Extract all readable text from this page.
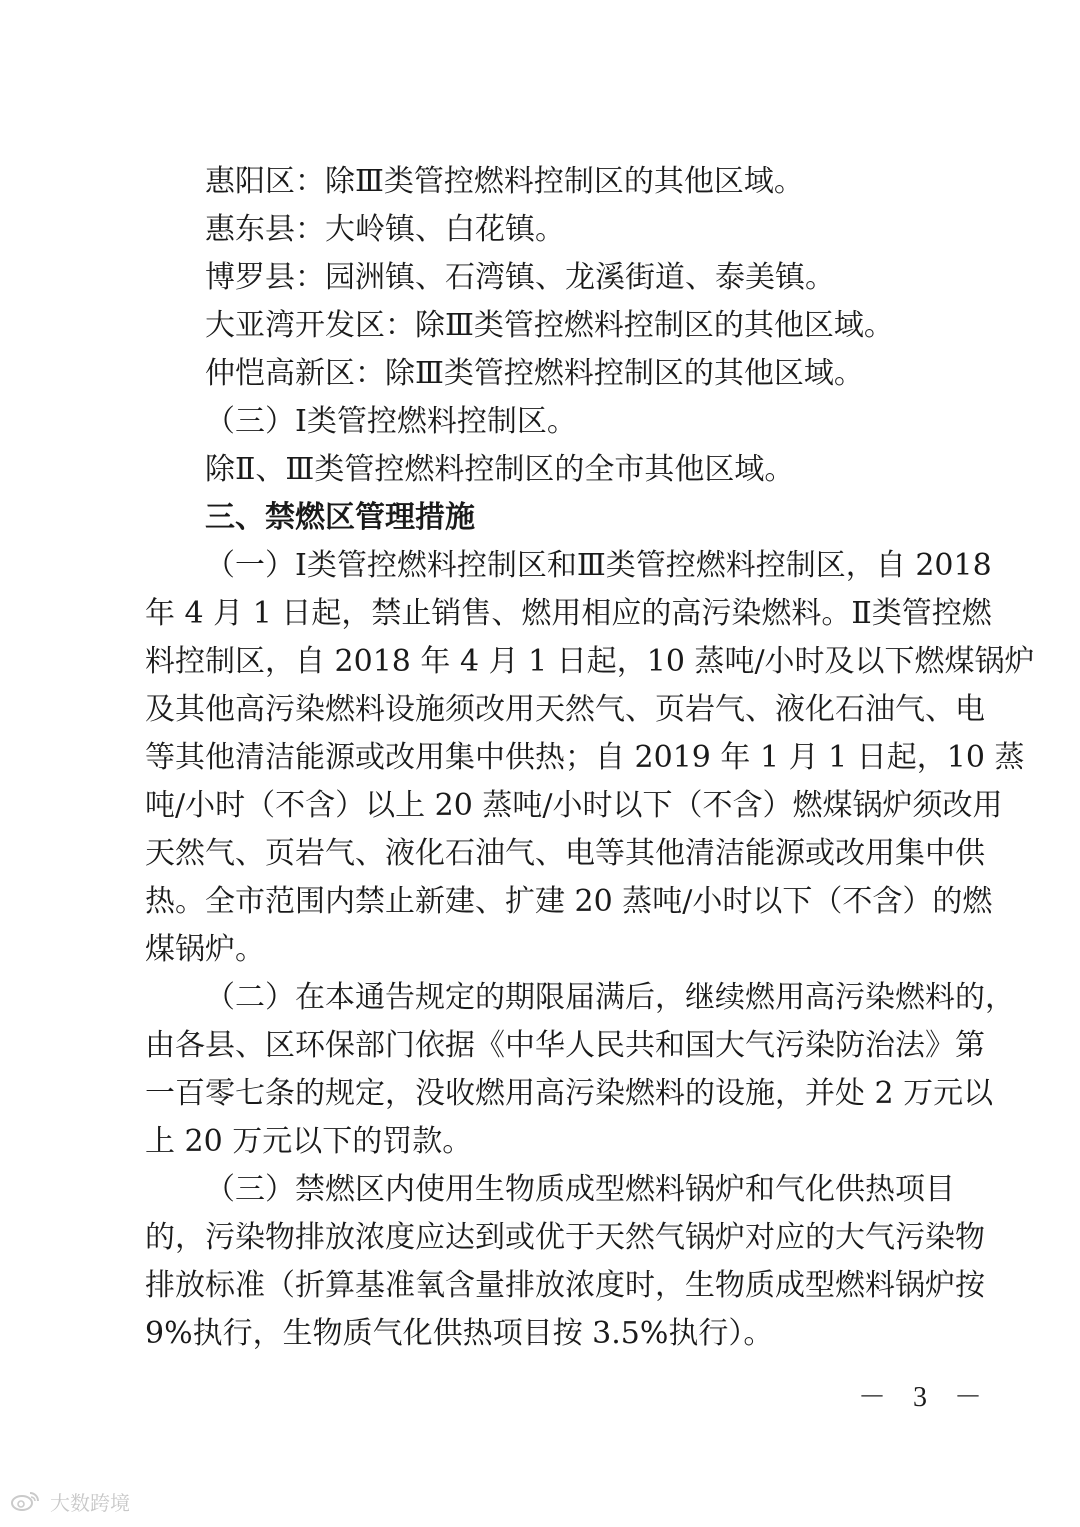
惠阳区：除Ⅲ类管控燃料控制区的其他区域。
惠东县：大岭镇、白花镇。
博罗县：园洲镇、石湾镇、龙溪街道、泰美镇。
大亚湾开发区：除Ⅲ类管控燃料控制区的其他区域。
仲恺高新区：除Ⅲ类管控燃料控制区的其他区域。
（三）Ⅰ类管控燃料控制区。
除Ⅱ、Ⅲ类管控燃料控制区的全市其他区域。
三、禁燃区管理措施
（一）Ⅰ类管控燃料控制区和Ⅲ类管控燃料控制区，自 2018
年 4 月 1 日起，禁止销售、燃用相应的高污染燃料。Ⅱ类管控燃
料控制区，自 2018 年 4 月 1 日起，10 蒸吨/小时及以下燃煤锅炉
及其他高污染燃料设施须改用天然气、页岩气、液化石油气、电
等其他清洁能源或改用集中供热；自 2019 年 1 月 1 日起，10 蒸
吨/小时（不含）以上 20 蒸吨/小时以下（不含）燃煤锅炉须改用
天然气、页岩气、液化石油气、电等其他清洁能源或改用集中供
热。全市范围内禁止新建、扩建 20 蒸吨/小时以下（不含）的燃
煤锅炉。
（二）在本通告规定的期限届满后，继续燃用高污染燃料的，
由各县、区环保部门依据《中华人民共和国大气污染防治法》第
一百零七条的规定，没收燃用高污染燃料的设施，并处 2 万元以
上 20 万元以下的罚款。
（三）禁燃区内使用生物质成型燃料锅炉和气化供热项目
的，污染物排放浓度应达到或优于天然气锅炉对应的大气污染物
排放标准（折算基准氧含量排放浓度时，生物质成型燃料锅炉按
9%执行，生物质气化供热项目按 3.5%执行）。
－ 3 －
大数跨境
